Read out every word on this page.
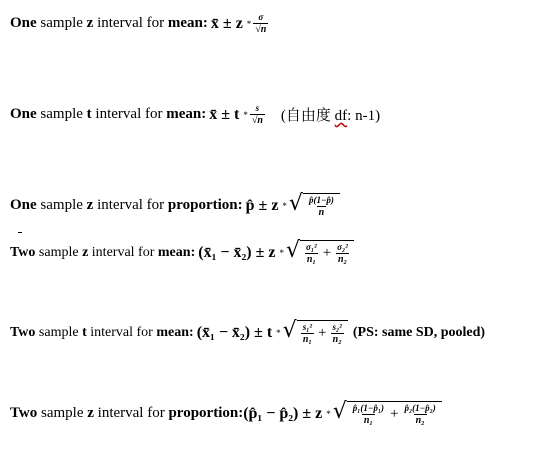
One sample z interval for mean: x̄ ± z * $\frac{\sigma}{√n}$
One sample t interval for mean: x̄ ± t * $\frac{s}{√n}$ (自由度 df: n-1)
One sample z interval for proportion: p̂ ± z * √ $\frac{p̂(1-p̂)}{n}$
Two sample z interval for mean: (x̄₁ − x̄₂) ± z * √ $\frac{\text{σ₁²}}{\text{n₁}} + \frac{\text{σ₂²}}{\text{n₂}}$
Two sample t interval for mean: (x̄₁ − x̄₂) ± t * √ $\frac{\text{s₁²}}{\text{n₁}} + \frac{\text{s₂²}}{\text{n₂}} (PS$: same SD, pooled)
Two sample z interval for proportion: (p̂₁ − p̂₂) ± z * √ $\frac{\text{p̂₁(1−p̂₁)}}{\text{n₁}} + \frac{\text{p̂₂(1−p̂₂)}}{\text{n₂}}$
